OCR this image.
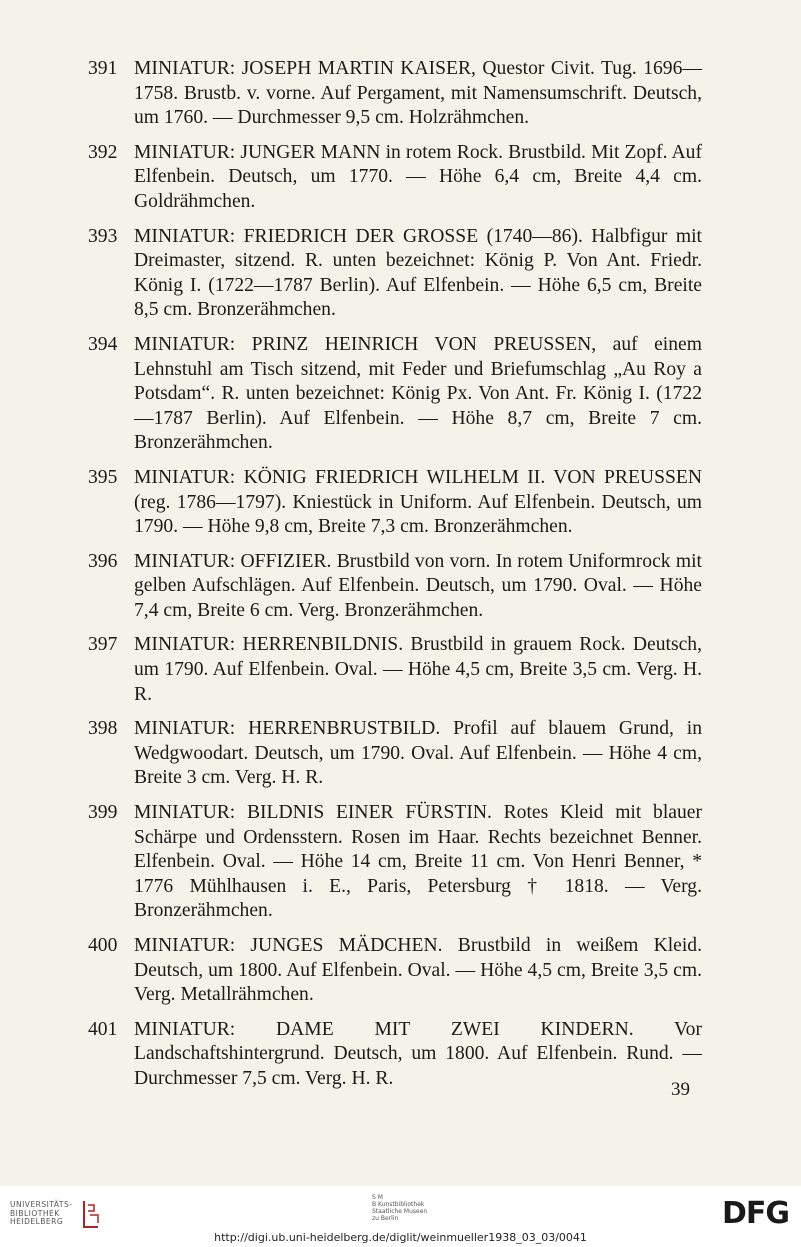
391 MINIATUR: JOSEPH MARTIN KAISER, Questor Civit. Tug. 1696—1758. Brustb. v. vorne. Auf Pergament, mit Namensumschrift. Deutsch, um 1760. — Durchmesser 9,5 cm. Holzrähmchen.
392 MINIATUR: JUNGER MANN in rotem Rock. Brustbild. Mit Zopf. Auf Elfenbein. Deutsch, um 1770. — Höhe 6,4 cm, Breite 4,4 cm. Goldrähmchen.
393 MINIATUR: FRIEDRICH DER GROSSE (1740—86). Halbfigur mit Dreimaster, sitzend. R. unten bezeichnet: König P. Von Ant. Friedr. König I. (1722—1787 Berlin). Auf Elfenbein. — Höhe 6,5 cm, Breite 8,5 cm. Bronzerähmchen.
394 MINIATUR: PRINZ HEINRICH VON PREUSSEN, auf einem Lehnstuhl am Tisch sitzend, mit Feder und Briefumschlag „Au Roy a Potsdam“. R. unten bezeichnet: König Px. Von Ant. Fr. König I. (1722—1787 Berlin). Auf Elfenbein. — Höhe 8,7 cm, Breite 7 cm. Bronzerähmchen.
395 MINIATUR: KÖNIG FRIEDRICH WILHELM II. VON PREUSSEN (reg. 1786—1797). Kniestück in Uniform. Auf Elfenbein. Deutsch, um 1790. — Höhe 9,8 cm, Breite 7,3 cm. Bronzerähmchen.
396 MINIATUR: OFFIZIER. Brustbild von vorn. In rotem Uniformrock mit gelben Aufschlägen. Auf Elfenbein. Deutsch, um 1790. Oval. — Höhe 7,4 cm, Breite 6 cm. Verg. Bronzerähmchen.
397 MINIATUR: HERRENBILDNIS. Brustbild in grauem Rock. Deutsch, um 1790. Auf Elfenbein. Oval. — Höhe 4,5 cm, Breite 3,5 cm. Verg. H. R.
398 MINIATUR: HERRENBRUSTBILD. Profil auf blauem Grund, in Wedgwoodart. Deutsch, um 1790. Oval. Auf Elfenbein. — Höhe 4 cm, Breite 3 cm. Verg. H. R.
399 MINIATUR: BILDNIS EINER FÜRSTIN. Rotes Kleid mit blauer Schärpe und Ordensstern. Rosen im Haar. Rechts bezeichnet Benner. Elfenbein. Oval. — Höhe 14 cm, Breite 11 cm. Von Henri Benner, * 1776 Mühlhausen i. E., Paris, Petersburg † 1818. — Verg. Bronzerähmchen.
400 MINIATUR: JUNGES MÄDCHEN. Brustbild in weißem Kleid. Deutsch, um 1800. Auf Elfenbein. Oval. — Höhe 4,5 cm, Breite 3,5 cm. Verg. Metallrähmchen.
401 MINIATUR: DAME MIT ZWEI KINDERN. Vor Landschaftshintergrund. Deutsch, um 1800. Auf Elfenbein. Rund. — Durchmesser 7,5 cm. Verg. H. R.
39
UNIVERSITÄTS-
BIBLIOTHEK
HEIDELBERG
S M
B Kunstbibliothek
Staatliche Museen
zu Berlin	DFG
http://digi.ub.uni-heidelberg.de/diglit/weinmueller1938_03_03/0041
